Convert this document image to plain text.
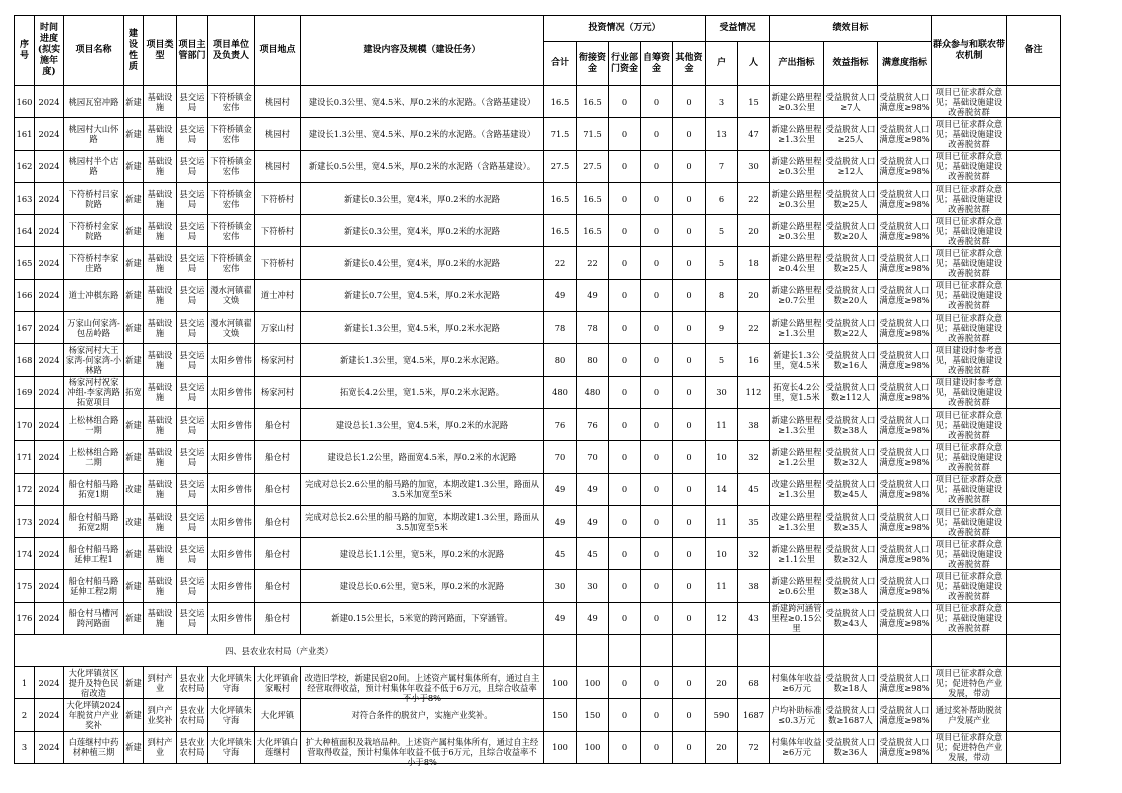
序号	时间进度(拟实施年度)	项目名称	建设性质	项目类型	项目主管部门	项目单位及负责人	项目地点	建设内容及规模（建设任务）	投资情况（万元）					受益情况		绩效目标			群众参与和联农带农机制	备注
									合计	衔接资金	行业部门资金	自筹资金	其他资金	户	人	产出指标	效益指标	满意度指标		

160	2024	桃园瓦窑冲路	新建	基础设施	县交运局	下符桥镇金宏伟	桃园村	建设长0.3公里、宽4.5米、厚0.2米的水泥路。（含路基建设）	16.5	16.5	0	0	0	3	15	新建公路里程≥0.3公里	受益脱贫人口≥7人	受益脱贫人口满意度≥98%	项目已征求群众意见；基础设施建设改善脱贫群	

161	2024	桃园村大山怀路	新建	基础设施	县交运局	下符桥镇金宏伟	桃园村	建设长1.3公里、宽4.5米、厚0.2米的水泥路。（含路基建设）	71.5	71.5	0	0	0	13	47	新建公路里程≥1.3公里	受益脱贫人口≥25人	受益脱贫人口满意度≥98%	项目已征求群众意见；基础设施建设改善脱贫群	

162	2024	桃园村半个店路	新建	基础设施	县交运局	下符桥镇金宏伟	桃园村	新建长0.5公里，宽4.5米，厚0.2米的水泥路（含路基建设）。	27.5	27.5	0	0	0	7	30	新建公路里程≥0.3公里	受益脱贫人口≥12人	受益脱贫人口满意度≥98%	项目已征求群众意见；基础设施建设改善脱贫群	

163	2024	下符桥村吕家院路	新建	基础设施	县交运局	下符桥镇金宏伟	下符桥村	新建长0.3公里，宽4米，厚0.2米的水泥路	16.5	16.5	0	0	0	6	22	新建公路里程≥0.3公里	受益脱贫人口数≥25人	受益脱贫人口满意度≥98%	项目已征求群众意见；基础设施建设改善脱贫群	

164	2024	下符桥村金家院路	新建	基础设施	县交运局	下符桥镇金宏伟	下符桥村	新建长0.3公里，宽4米，厚0.2米的水泥路	16.5	16.5	0	0	0	5	20	新建公路里程≥0.3公里	受益脱贫人口数≥20人	受益脱贫人口满意度≥98%	项目已征求群众意见；基础设施建设改善脱贫群	

165	2024	下符桥村李家庄路	新建	基础设施	县交运局	下符桥镇金宏伟	下符桥村	新建长0.4公里，宽4米，厚0.2米的水泥路	22	22	0	0	0	5	18	新建公路里程≥0.4公里	受益脱贫人口数≥25人	受益脱贫人口满意度≥98%	项目已征求群众意见；基础设施建设改善脱贫群	

166	2024	道士冲棋东路	新建	基础设施	县交运局	漫水河镇翟文焕	道士冲村	新建长0.7公里，宽4.5米，厚0.2米水泥路	49	49	0	0	0	8	20	新建公路里程≥0.7公里	受益脱贫人口数≥20人	受益脱贫人口满意度≥98%	项目已征求群众意见；基础设施建设改善脱贫群	

167	2024	万家山何家湾-包岳岭路	新建	基础设施	县交运局	漫水河镇翟文焕	万家山村	新建长1.3公里，宽4.5米，厚0.2米水泥路	78	78	0	0	0	9	22	新建公路里程≥1.3公里	受益脱贫人口数≥22人	受益脱贫人口满意度≥98%	项目已征求群众意见；基础设施建设改善脱贫群	

168	2024	杨家河村大王家湾-何家湾-小林路	新建	基础设施	县交运局	太阳乡曾伟	杨家河村	新建长1.3公里，宽4.5米，厚0.2米水泥路。	80	80	0	0	0	5	16	新建长1.3公里，宽4.5米	受益脱贫人口数≥16人	受益脱贫人口满意度≥98%	项目建设时参考意见，基础设施建设改善脱贫群	

169	2024	杨家河村祝家冲组-李家湾路拓宽项目	拓宽	基础设施	县交运局	太阳乡曾伟	杨家河村	拓宽长4.2公里，宽1.5米，厚0.2米水泥路。	480	480	0	0	0	30	112	拓宽长4.2公里，宽1.5米	受益脱贫人口数≥112人	受益脱贫人口满意度≥98%	项目建设时参考意见，基础设施建设改善脱贫群	

170	2024	上松林组合路一期	新建	基础设施	县交运局	太阳乡曾伟	船仓村	建设总长1.3公里，宽4.5米，厚0.2米的水泥路	76	76	0	0	0	11	38	新建公路里程≥1.3公里	受益脱贫人口数≥38人	受益脱贫人口满意度≥98%	项目已征求群众意见；基础设施建设改善脱贫群	

171	2024	上松林组合路二期	新建	基础设施	县交运局	太阳乡曾伟	船仓村	建设总长1.2公里，路面宽4.5米，厚0.2米的水泥路	70	70	0	0	0	10	32	新建公路里程≥1.2公里	受益脱贫人口数≥32人	受益脱贫人口满意度≥98%	项目已征求群众意见；基础设施建设改善脱贫群	

172	2024	船仓村船马路拓宽1期	改建	基础设施	县交运局	太阳乡曾伟	船仓村	完成对总长2.6公里的船马路的加宽，本期改建1.3公里，路面从3.5米加宽至5米	49	49	0	0	0	14	45	改建公路里程≥1.3公里	受益脱贫人口数≥45人	受益脱贫人口满意度≥98%	项目已征求群众意见；基础设施建设改善脱贫群	

173	2024	船仓村船马路拓宽2期	改建	基础设施	县交运局	太阳乡曾伟	船仓村	完成对总长2.6公里的船马路的加宽，本期改建1.3公里，路面从3.5加宽至5米	49	49	0	0	0	11	35	改建公路里程≥1.3公里	受益脱贫人口数≥35人	受益脱贫人口满意度≥98%	项目已征求群众意见；基础设施建设改善脱贫群	

174	2024	船仓村船马路延伸工程1	新建	基础设施	县交运局	太阳乡曾伟	船仓村	建设总长1.1公里，宽5米，厚0.2米的水泥路	45	45	0	0	0	10	32	新建公路里程≥1.1公里	受益脱贫人口数≥32人	受益脱贫人口满意度≥98%	项目已征求群众意见；基础设施建设改善脱贫群	

175	2024	船仓村船马路延伸工程2期	新建	基础设施	县交运局	太阳乡曾伟	船仓村	建设总长0.6公里，宽5米，厚0.2米的水泥路	30	30	0	0	0	11	38	新建公路里程≥0.6公里	受益脱贫人口数≥38人	受益脱贫人口满意度≥98%	项目已征求群众意见；基础设施建设改善脱贫群	

176	2024	船仓村马槽河跨河路面	新建	基础设施	县交运局	太阳乡曾伟	船仓村	新建0.15公里长，5米宽的跨河路面，下穿涵管。	49	49	0	0	0	12	43	新建跨河涵管里程≥0.15公里	受益脱贫人口数≥43人	受益脱贫人口满意度≥98%	项目已征求群众意见；基础设施建设改善脱贫群	

四、县农业农村局（产业类）																				

1	2024	大化坪镇贫区提升及特色民宿改造	新建	到村产业	县农业农村局	大化坪镇朱守海	大化坪镇俞家畈村	改造旧学校，新建民宿20间。上述资产属村集体所有，通过自主经营取得收益，预计村集体年收益不低于6万元，且综合收益率不小于8%	100	100	0	0	0	20	68	村集体年收益≥6万元	受益脱贫人口数≥18人	受益脱贫人口满意度≥98%	项目已征求群众意见；促进特色产业发展，带动	

2	2024	大化坪镇2024年脱贫户产业奖补	新建	到户产业奖补	县农业农村局	大化坪镇朱守海	大化坪镇	对符合条件的脱贫户，实施产业奖补。	150	150	0	0	0	590	1687	户均补助标准≤0.3万元	受益脱贫人口数≥1687人	受益脱贫人口满意度≥98%	通过奖补帮助脱贫户发展产业	

3	2024	白莲继村中药材种植三期	新建	到村产业	县农业农村局	大化坪镇朱守海	大化坪镇白莲继村	扩大种植面积及栽培品种。上述资产属村集体所有，通过自主经营取得收益，预计村集体年收益不低于6万元，且综合收益率不小于8%	100	100	0	0	0	20	72	村集体年收益≥6万元	受益脱贫人口数≥36人	受益脱贫人口满意度≥98%	项目已征求群众意见；促进特色产业发展，带动	
